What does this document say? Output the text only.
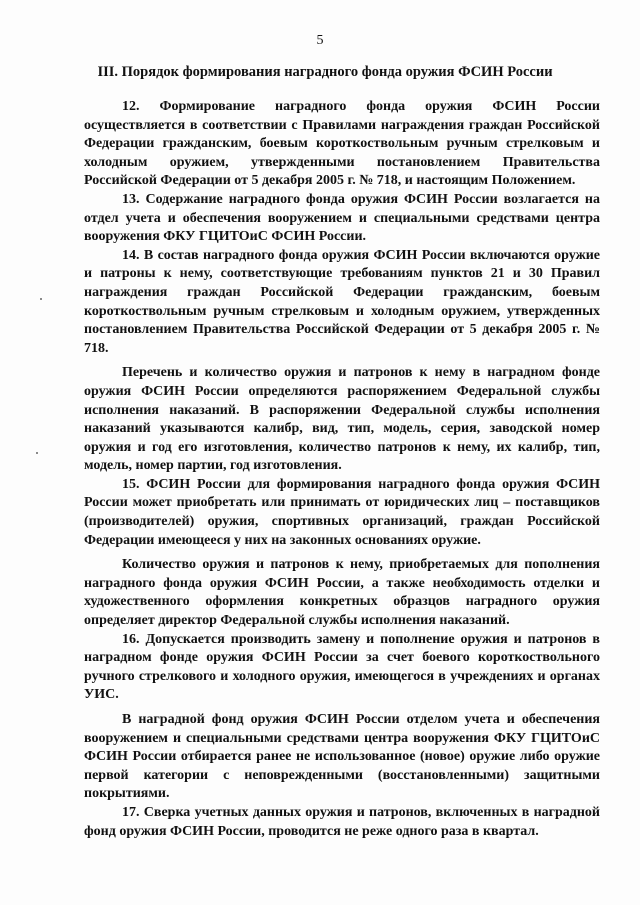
5
III. Порядок формирования наградного фонда оружия ФСИН России

12. Формирование наградного фонда оружия ФСИН России осуществляется в соответствии с Правилами награждения граждан Российской Федерации гражданским, боевым короткоствольным ручным стрелковым и холодным оружием, утвержденными постановлением Правительства Российской Федерации от 5 декабря 2005 г. № 718, и настоящим Положением.

13. Содержание наградного фонда оружия ФСИН России возлагается на отдел учета и обеспечения вооружением и специальными средствами центра вооружения ФКУ ГЦИТОиС ФСИН России.

14. В состав наградного фонда оружия ФСИН России включаются оружие и патроны к нему, соответствующие требованиям пунктов 21 и 30 Правил награждения граждан Российской Федерации гражданским, боевым короткоствольным ручным стрелковым и холодным оружием, утвержденных постановлением Правительства Российской Федерации от 5 декабря 2005 г. № 718.

Перечень и количество оружия и патронов к нему в наградном фонде оружия ФСИН России определяются распоряжением Федеральной службы исполнения наказаний. В распоряжении Федеральной службы исполнения наказаний указываются калибр, вид, тип, модель, серия, заводской номер оружия и год его изготовления, количество патронов к нему, их калибр, тип, модель, номер партии, год изготовления.

15. ФСИН России для формирования наградного фонда оружия ФСИН России может приобретать или принимать от юридических лиц – поставщиков (производителей) оружия, спортивных организаций, граждан Российской Федерации имеющееся у них на законных основаниях оружие.

Количество оружия и патронов к нему, приобретаемых для пополнения наградного фонда оружия ФСИН России, а также необходимость отделки и художественного оформления конкретных образцов наградного оружия определяет директор Федеральной службы исполнения наказаний.

16. Допускается производить замену и пополнение оружия и патронов в наградном фонде оружия ФСИН России за счет боевого короткоствольного ручного стрелкового и холодного оружия, имеющегося в учреждениях и органах УИС.

В наградной фонд оружия ФСИН России отделом учета и обеспечения вооружением и специальными средствами центра вооружения ФКУ ГЦИТОиС ФСИН России отбирается ранее не использованное (новое) оружие либо оружие первой категории с неповрежденными (восстановленными) защитными покрытиями.

17. Сверка учетных данных оружия и патронов, включенных в наградной фонд оружия ФСИН России, проводится не реже одного раза в квартал.
